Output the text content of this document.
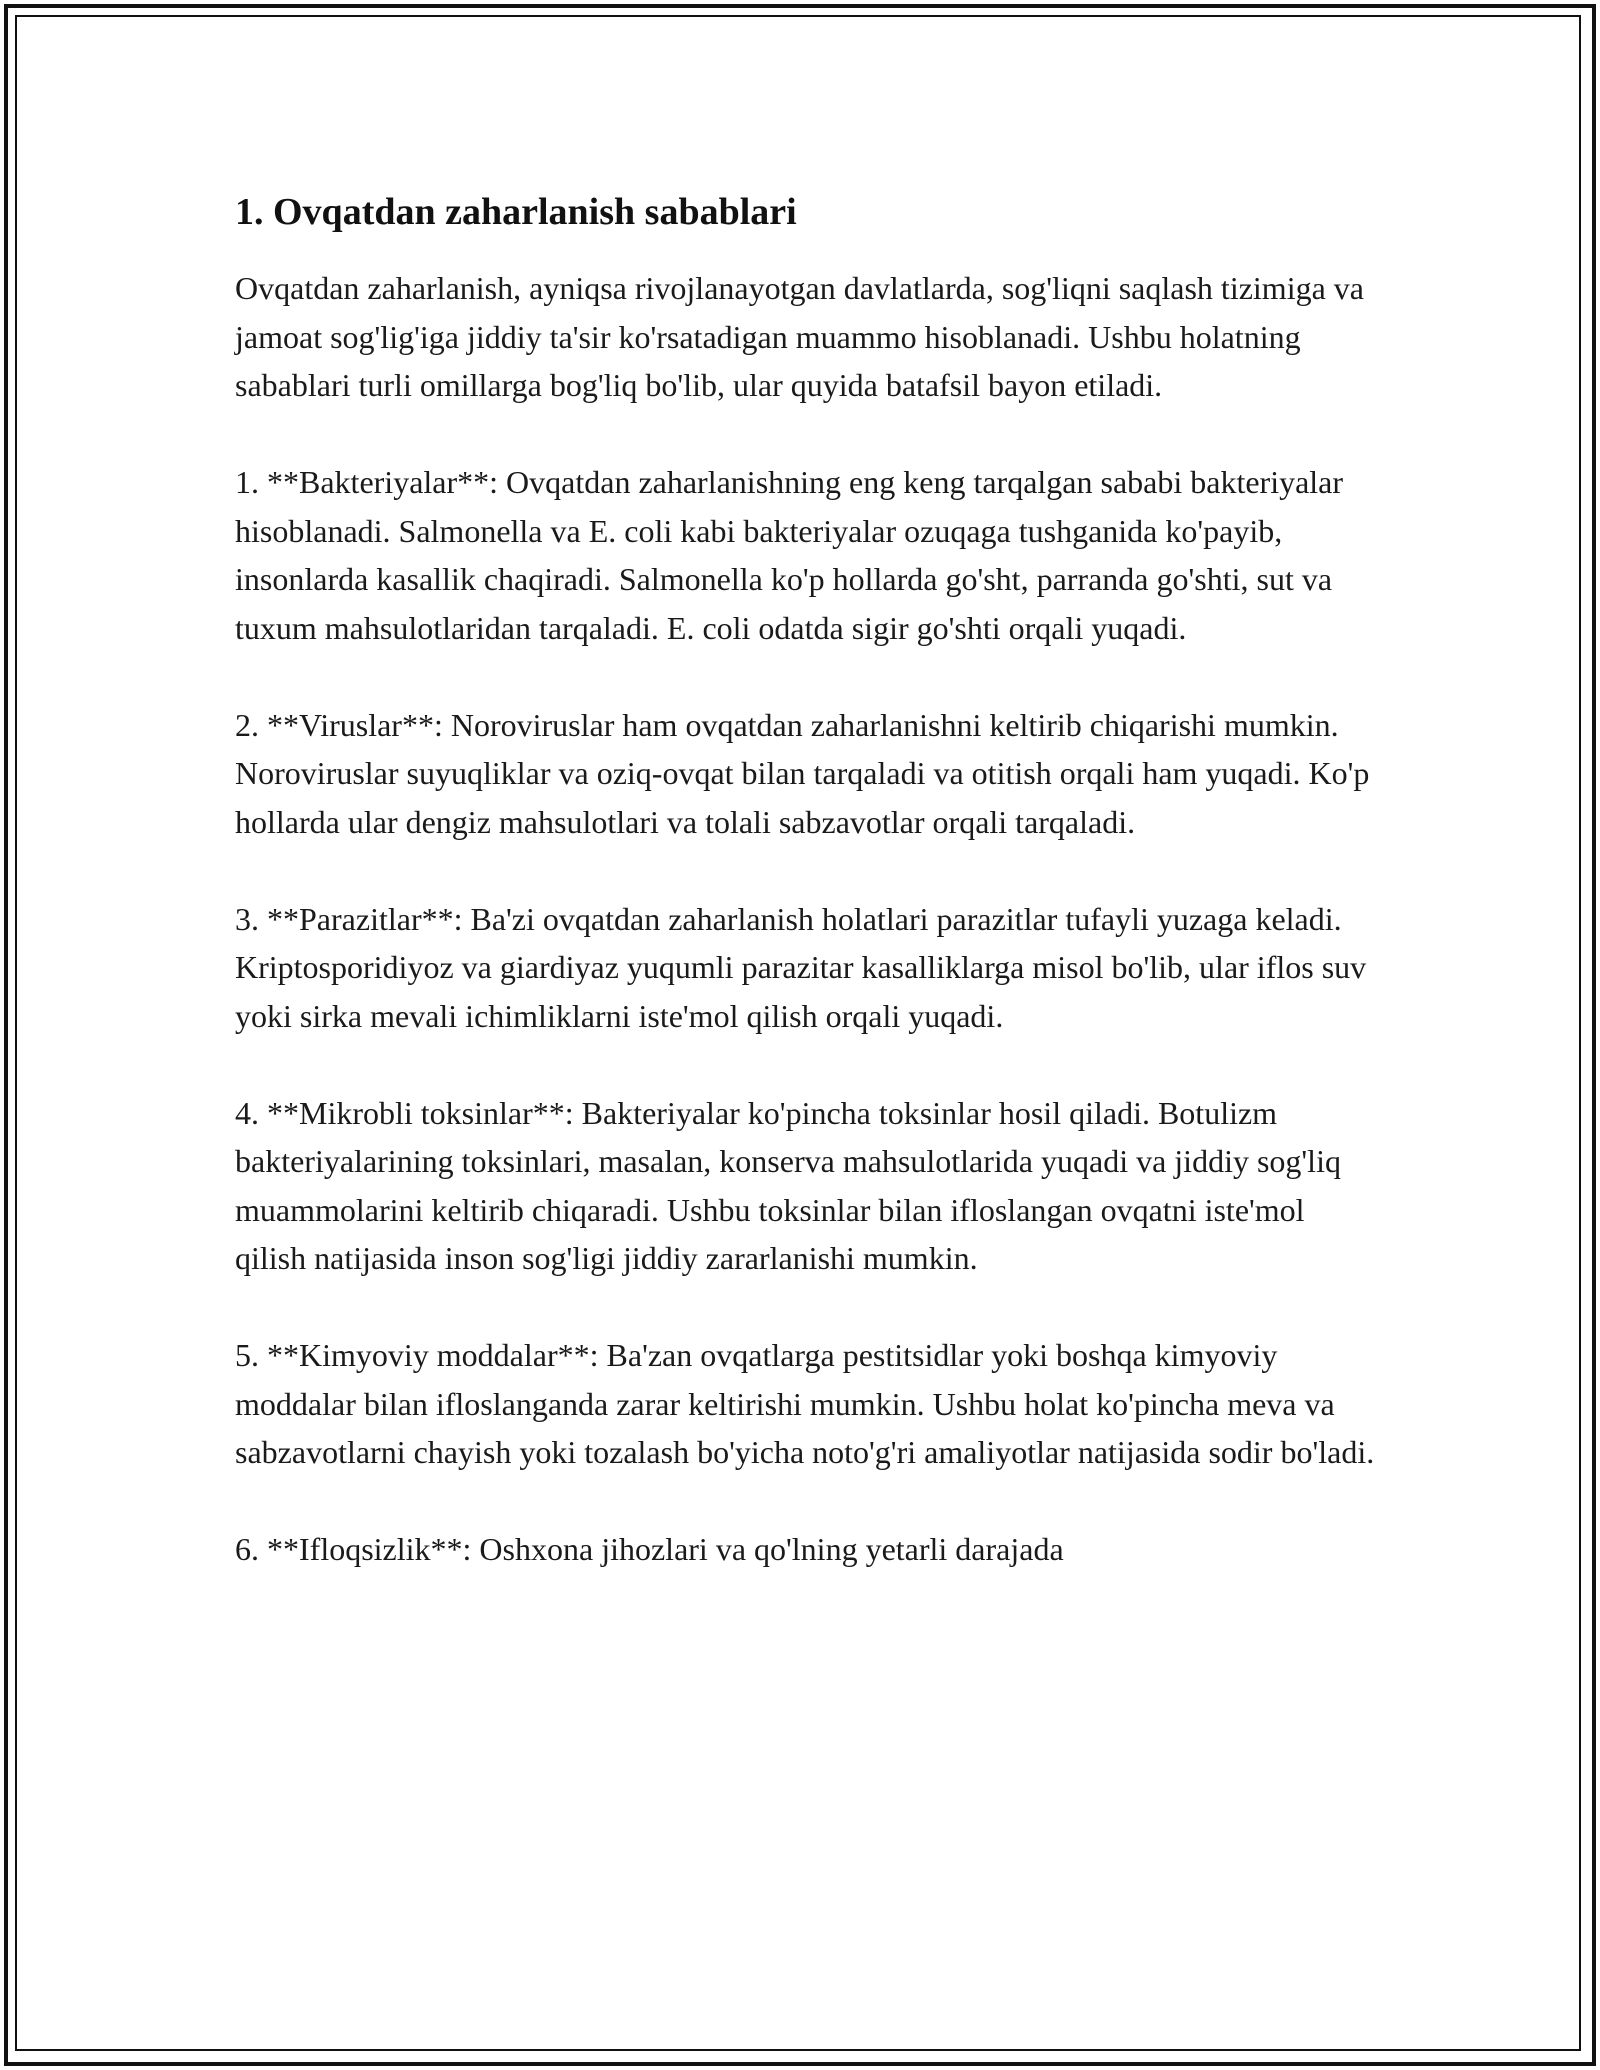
1. Ovqatdan zaharlanish sabablari

Ovqatdan zaharlanish, ayniqsa rivojlanayotgan davlatlarda, sog'liqni saqlash tizimiga va jamoat sog'lig'iga jiddiy ta'sir ko'rsatadigan muammo hisoblanadi. Ushbu holatning sabablari turli omillarga bog'liq bo'lib, ular quyida batafsil bayon etiladi.

1. **Bakteriyalar**: Ovqatdan zaharlanishning eng keng tarqalgan sababi bakteriyalar hisoblanadi. Salmonella va E. coli kabi bakteriyalar ozuqaga tushganida ko'payib, insonlarda kasallik chaqiradi. Salmonella ko'p hollarda go'sht, parranda go'shti, sut va tuxum mahsulotlaridan tarqaladi. E. coli odatda sigir go'shti orqali yuqadi.

2. **Viruslar**: Noroviruslar ham ovqatdan zaharlanishni keltirib chiqarishi mumkin. Noroviruslar suyuqliklar va oziq-ovqat bilan tarqaladi va otitish orqali ham yuqadi. Ko'p hollarda ular dengiz mahsulotlari va tolali sabzavotlar orqali tarqaladi.

3. **Parazitlar**: Ba'zi ovqatdan zaharlanish holatlari parazitlar tufayli yuzaga keladi. Kriptosporidiyoz va giardiyaz yuqumli parazitar kasalliklarga misol bo'lib, ular iflos suv yoki sirka mevali ichimliklarni iste'mol qilish orqali yuqadi.

4. **Mikrobli toksinlar**: Bakteriyalar ko'pincha toksinlar hosil qiladi. Botulizm bakteriyalarining toksinlari, masalan, konserva mahsulotlarida yuqadi va jiddiy sog'liq muammolarini keltirib chiqaradi. Ushbu toksinlar bilan ifloslangan ovqatni iste'mol qilish natijasida inson sog'ligi jiddiy zararlanishi mumkin.

5. **Kimyoviy moddalar**: Ba'zan ovqatlarga pestitsidlar yoki boshqa kimyoviy moddalar bilan ifloslanganda zarar keltirishi mumkin. Ushbu holat ko'pincha meva va sabzavotlarni chayish yoki tozalash bo'yicha noto'g'ri amaliyotlar natijasida sodir bo'ladi.

6. **Ifloqsizlik**: Oshxona jihozlari va qo'lning yetarli darajada
